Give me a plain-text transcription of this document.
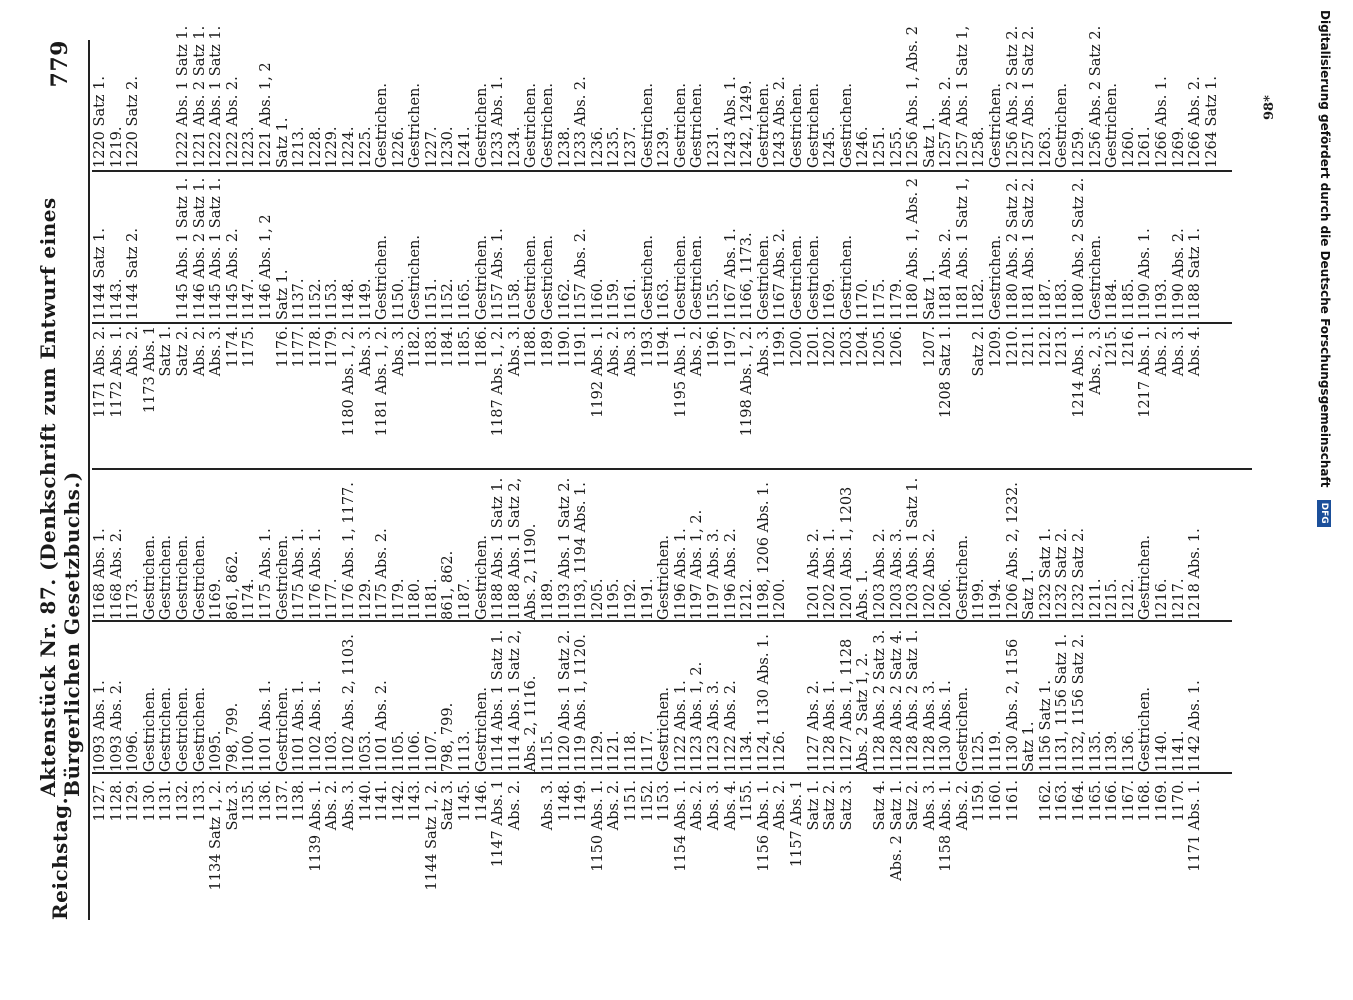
Reichstag.
Aktenstück Nr. 87. (Denkschrift zum Entwurf eines Bürgerlichen Gesetzbuchs.)
779
1127. 1128. 1129. 1130. 1131. 1132. 1133. 1134 Satz 1, 2. Satz 3. 1135. 1136. 1137. 1138. 1139 Abs. 1. Abs. 2. Abs. 3. 1140. 1141. 1142. 1143. 1144 Satz 1, 2. Satz 3. 1145. 1146. 1147 Abs. 1 Abs. 2.
Abs. 3. 1148. 1149. 1150 Abs. 1. Abs. 2. 1151. 1152. 1153. 1154 Abs. 1. Abs. 2. Abs. 3. Abs. 4. 1155. 1156 Abs. 1. Abs. 2. 1157 Abs. 1 Satz 1. Satz 2. Satz 3.
Satz 4. Abs. 2 Satz 1. Satz 2. Abs. 3. 1158 Abs. 1. Abs. 2. 1159. 1160. 1161.
1162. 1163. 1164. 1165. 1166. 1167. 1168. 1169. 1170. 1171 Abs. 1.
1093 Abs. 1. 1093 Abs. 2. 1096. Gestrichen. Gestrichen. Gestrichen. Gestrichen. 1095. 798, 799. 1100. 1101 Abs. 1. Gestrichen. 1101 Abs. 1. 1102 Abs. 1. 1103. 1102 Abs. 2, 1103. 1053. 1101 Abs. 2. 1105. 1106. 1107. 798, 799. 1113. Gestrichen. 1114 Abs. 1 Satz 1. 1114 Abs. 1 Satz 2, Abs. 2, 1116. 1115. 1120 Abs. 1 Satz 2. 1119 Abs. 1, 1120. 1129. 1121. 1118. 1117. Gestrichen. 1122 Abs. 1. 1123 Abs. 1, 2. 1123 Abs. 3. 1122 Abs. 2. 1134. 1124, 1130 Abs. 1. 1126.
1127 Abs. 2. 1128 Abs. 1. 1127 Abs. 1, 1128 Abs. 2 Satz 1, 2. 1128 Abs. 2 Satz 3. 1128 Abs. 2 Satz 4. 1128 Abs. 2 Satz 1. 1128 Abs. 3. 1130 Abs. 1. Gestrichen. 1125. 1119. 1130 Abs. 2, 1156 Satz 1. 1156 Satz 1. 1131, 1156 Satz 1. 1132, 1156 Satz 2. 1135. 1139. 1136. Gestrichen. 1140. 1141. 1142 Abs. 1.
1168 Abs. 1. 1168 Abs. 2. 1173. Gestrichen. Gestrichen. Gestrichen. Gestrichen. 1169. 861, 862. 1174. 1175 Abs. 1. Gestrichen. 1175 Abs. 1. 1176 Abs. 1. 1177. 1176 Abs. 1, 1177. 1129. 1175 Abs. 2. 1179. 1180. 1181. 861, 862. 1187. Gestrichen. 1188 Abs. 1 Satz 1. 1188 Abs. 1 Satz 2, Abs. 2, 1190. 1189. 1193 Abs. 1 Satz 2. 1193, 1194 Abs. 1. 1205. 1195. 1192. 1191. Gestrichen. 1196 Abs. 1. 1197 Abs. 1, 2. 1197 Abs. 3. 1196 Abs. 2. 1212. 1198, 1206 Abs. 1. 1200.
1201 Abs. 2. 1202 Abs. 1. 1201 Abs. 1, 1203 Abs. 1. 1203 Abs. 2. 1203 Abs. 3. 1203 Abs. 1 Satz 1. 1202 Abs. 2. 1206. Gestrichen. 1199. 1194. 1206 Abs. 2, 1232. Satz 1. 1232 Satz 1. 1232 Satz 2. 1232 Satz 2. 1211. 1215. 1212. Gestrichen. 1216. 1217. 1218 Abs. 1.
1171 Abs. 2. 1172 Abs. 1. Abs. 2. 1173 Abs. 1 Satz 1. Satz 2. Abs. 2. Abs. 3. 1174. 1175.
1176. 1177. 1178. 1179. 1180 Abs. 1, 2. Abs. 3. 1181 Abs. 1, 2. Abs. 3. 1182. 1183. 1184. 1185. 1186. 1187 Abs. 1, 2. Abs. 3. 1188. 1189. 1190. 1191. 1192 Abs. 1. Abs. 2. Abs. 3. 1193. 1194. 1195 Abs. 1. Abs. 2. 1196. 1197. 1198 Abs. 1, 2. Abs. 3. 1199. 1200. 1201. 1202. 1203. 1204. 1205. 1206.
1207. 1208 Satz 1.
Satz 2. 1209. 1210. 1211. 1212. 1213. 1214 Abs. 1. Abs. 2, 3. 1215. 1216. 1217 Abs. 1. Abs. 2. Abs. 3. Abs. 4.
1144 Satz 1. 1143. 1144 Satz 2.

1145 Abs. 1 Satz 1. 1146 Abs. 2 Satz 1. 1145 Abs. 1 Satz 1. 1145 Abs. 2. 1147. 1146 Abs. 1, 2 Satz 1. 1137. 1152. 1153. 1148. 1149. Gestrichen. 1150. Gestrichen. 1151. 1152. 1165. Gestrichen. 1157 Abs. 1. 1158. Gestrichen. Gestrichen. 1162. 1157 Abs. 2. 1160. 1159. 1161. Gestrichen. 1163. Gestrichen. Gestrichen. 1155. 1167 Abs. 1. 1166, 1173. Gestrichen. 1167 Abs. 2. Gestrichen. Gestrichen. 1169. Gestrichen. 1170. 1175. 1179. 1180 Abs. 1, Abs. 2 Satz 1. 1181 Abs. 2. 1181 Abs. 1 Satz 1, 1182. Gestrichen. 1180 Abs. 2 Satz 2. 1181 Abs. 1 Satz 2. 1187. 1183. 1180 Abs. 2 Satz 2. Gestrichen. 1184. 1185. 1190 Abs. 1. 1193. 1190 Abs. 2. 1188 Satz 1.
1220 Satz 1. 1219. 1220 Satz 2.

1222 Abs. 1 Satz 1. 1221 Abs. 2 Satz 1. 1222 Abs. 1 Satz 1. 1222 Abs. 2. 1223. 1221 Abs. 1, 2 Satz 1. 1213. 1228. 1229. 1224. 1225. Gestrichen. 1226. Gestrichen. 1227. 1230. 1241. Gestrichen. 1233 Abs. 1. 1234. Gestrichen. Gestrichen. 1238. 1233 Abs. 2. 1236. 1235. 1237. Gestrichen. 1239. Gestrichen. Gestrichen. 1231. 1243 Abs. 1. 1242, 1249. Gestrichen. 1243 Abs. 2. Gestrichen. Gestrichen. 1245. Gestrichen. 1246. 1251. 1255. 1256 Abs. 1, Abs. 2 Satz 1. 1257 Abs. 2. 1257 Abs. 1 Satz 1, 1258. Gestrichen. 1256 Abs. 2 Satz 2. 1257 Abs. 1 Satz 2. 1263. Gestrichen. 1259. 1256 Abs. 2 Satz 2. Gestrichen. 1260. 1261. 1266 Abs. 1. 1269. 1266 Abs. 2. 1264 Satz 1.	98*	Digitalisierung gefördert durch die Deutsche Forschungsgemeinschaft DFG
